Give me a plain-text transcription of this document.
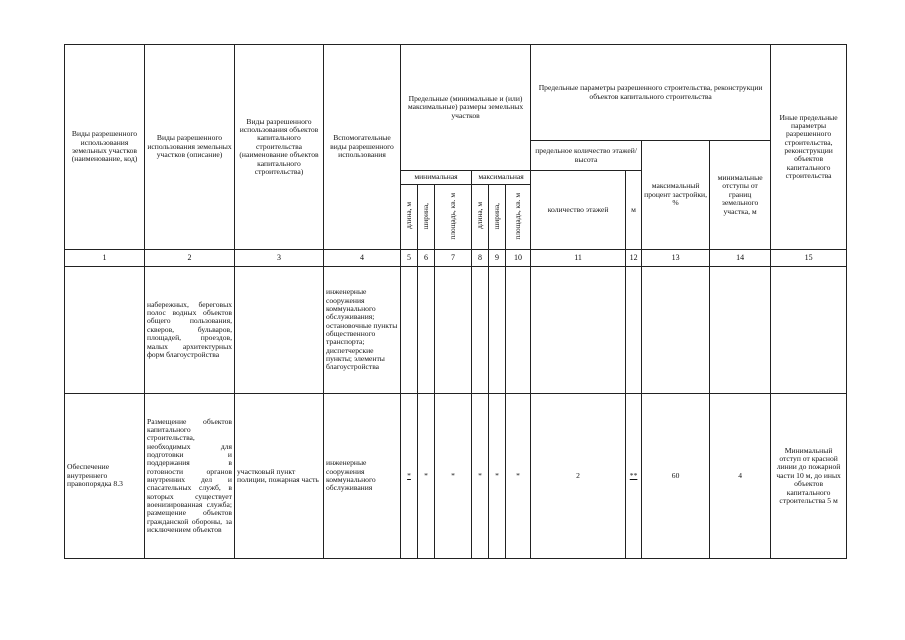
Виды разрешенного использования земельных участков (наименование, код)	Виды разрешенного использования земельных участков (описание)	Виды разрешенного использования объектов капитального строительства (наименование объектов капитального строительства)	Вспомогательные виды разрешенного использования	Предельные (минимальные и (или) максимальные) размеры земельных участков						Предельные параметры разрешенного строительства, реконструкции объектов капитального строительства				Иные предельные параметры разрешенного строительства, реконструкции объектов капитального строительства
										предельное количество этажей/высота		максимальный процент застройки, %	минимальные отступы от границ земельного участка, м	
				минимальная			максимальная			количество этажей	м			
				длина, м	ширина,	площадь, кв. м	длина, м	ширина,	площадь, кв. м					
1	2	3	4	5	6	7	8	9	10	11	12	13	14	15
	набережных, береговых полос водных объектов общего пользования, скверов, бульваров, площадей, проездов, малых архитектурных форм благоустройства		инженерные сооружения коммунального обслуживания; остановочные пункты общественного транспорта; диспетчерские пункты; элементы благоустройства											
Обеспечение внутреннего правопорядка 8.3	Размещение объектов капитального строительства, необходимых для подготовки и поддержания в готовности органов внутренних дел и спасательных служб, в которых существует военизированная служба; размещение объектов гражданской обороны, за исключением объектов	участковый пункт полиции, пожарная часть	инженерные сооружения коммунального обслуживания	*	*	*	*	*	*	2	**	60	4	Минимальный отступ от красной линии до пожарной части 10 м, до иных объектов капитального строительства 5 м
